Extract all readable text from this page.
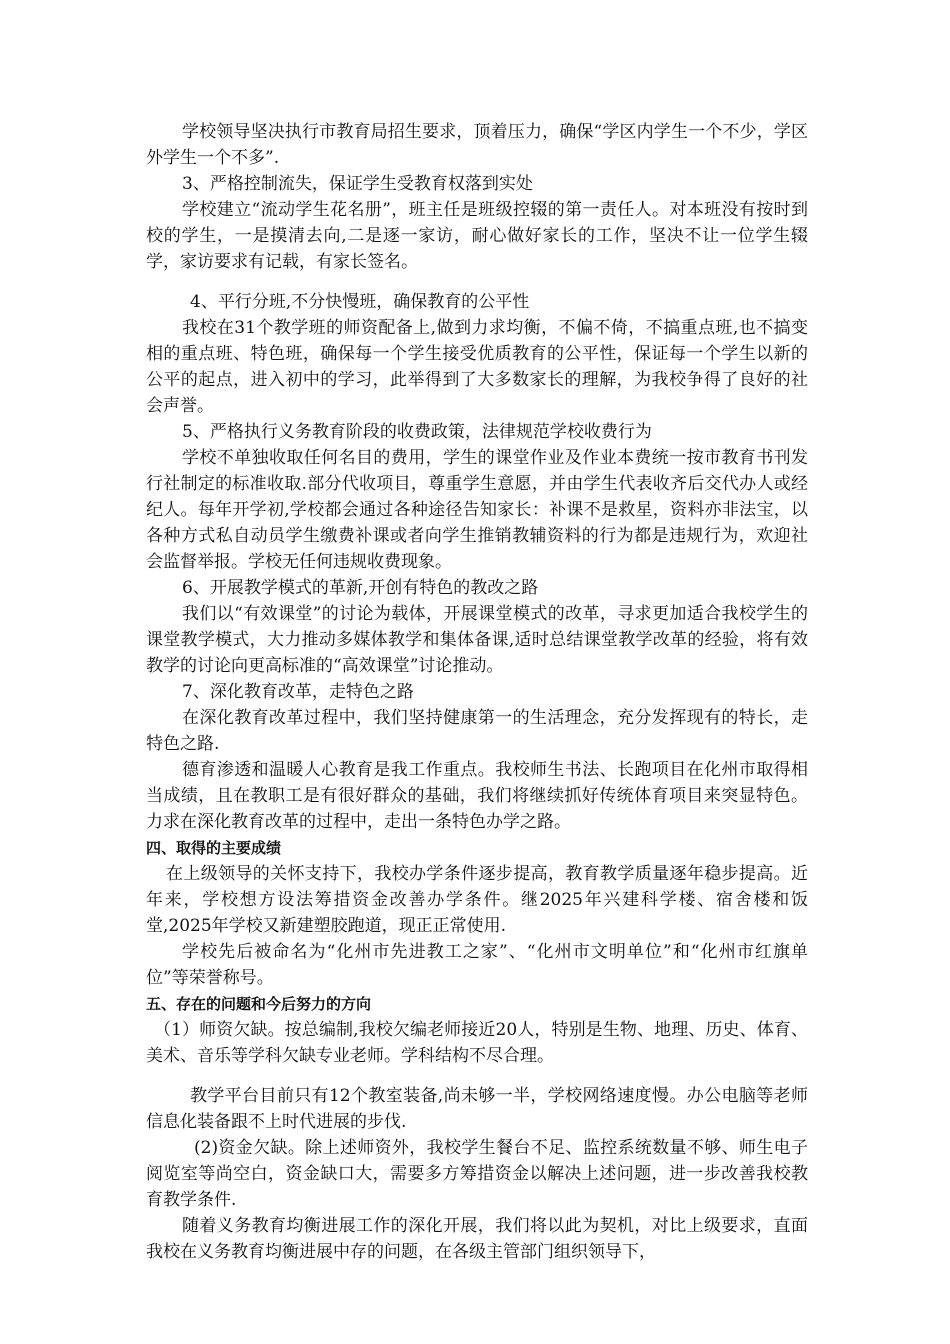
学校领导坚决执行市教育局招生要求，顶着压力，确保“学区内学生一个不少，学区外学生一个不多”.

3、严格控制流失，保证学生受教育权落到实处

学校建立“流动学生花名册”，班主任是班级控辍的第一责任人。对本班没有按时到校的学生，一是摸清去向,二是逐一家访，耐心做好家长的工作，坚决不让一位学生辍学，家访要求有记载，有家长签名。

4、平行分班,不分快慢班，确保教育的公平性

我校在31个教学班的师资配备上,做到力求均衡，不偏不倚，不搞重点班,也不搞变相的重点班、特色班，确保每一个学生接受优质教育的公平性，保证每一个学生以新的公平的起点，进入初中的学习，此举得到了大多数家长的理解，为我校争得了良好的社会声誉。

5、严格执行义务教育阶段的收费政策，法律规范学校收费行为

学校不单独收取任何名目的费用，学生的课堂作业及作业本费统一按市教育书刊发行社制定的标准收取.部分代收项目，尊重学生意愿，并由学生代表收齐后交代办人或经纪人。每年开学初,学校都会通过各种途径告知家长：补课不是救星，资料亦非法宝，以各种方式私自动员学生缴费补课或者向学生推销教辅资料的行为都是违规行为，欢迎社会监督举报。学校无任何违规收费现象。

6、开展教学模式的革新,开创有特色的教改之路

我们以“有效课堂”的讨论为载体，开展课堂模式的改革，寻求更加适合我校学生的课堂教学模式，大力推动多媒体教学和集体备课,适时总结课堂教学改革的经验，将有效教学的讨论向更高标准的“高效课堂”讨论推动。

7、深化教育改革，走特色之路

在深化教育改革过程中，我们坚持健康第一的生活理念，充分发挥现有的特长，走特色之路.

德育渗透和温暖人心教育是我工作重点。我校师生书法、长跑项目在化州市取得相当成绩，且在教职工是有很好群众的基础，我们将继续抓好传统体育项目来突显特色。力求在深化教育改革的过程中，走出一条特色办学之路。

四、取得的主要成绩

在上级领导的关怀支持下，我校办学条件逐步提高，教育教学质量逐年稳步提高。近年来，学校想方设法筹措资金改善办学条件。继2025年兴建科学楼、宿舍楼和饭堂,2025年学校又新建塑胶跑道，现正正常使用.

学校先后被命名为“化州市先进教工之家”、“化州市文明单位”和“化州市红旗单位”等荣誉称号。

五、存在的问题和今后努力的方向

（1）师资欠缺。按总编制,我校欠编老师接近20人，特别是生物、地理、历史、体育、美术、音乐等学科欠缺专业老师。学科结构不尽合理。

教学平台目前只有12个教室装备,尚未够一半，学校网络速度慢。办公电脑等老师信息化装备跟不上时代进展的步伐.

(2)资金欠缺。除上述师资外，我校学生餐台不足、监控系统数量不够、师生电子阅览室等尚空白，资金缺口大，需要多方筹措资金以解决上述问题，进一步改善我校教育教学条件.

随着义务教育均衡进展工作的深化开展，我们将以此为契机，对比上级要求，直面我校在义务教育均衡进展中存的问题，在各级主管部门组织领导下，
